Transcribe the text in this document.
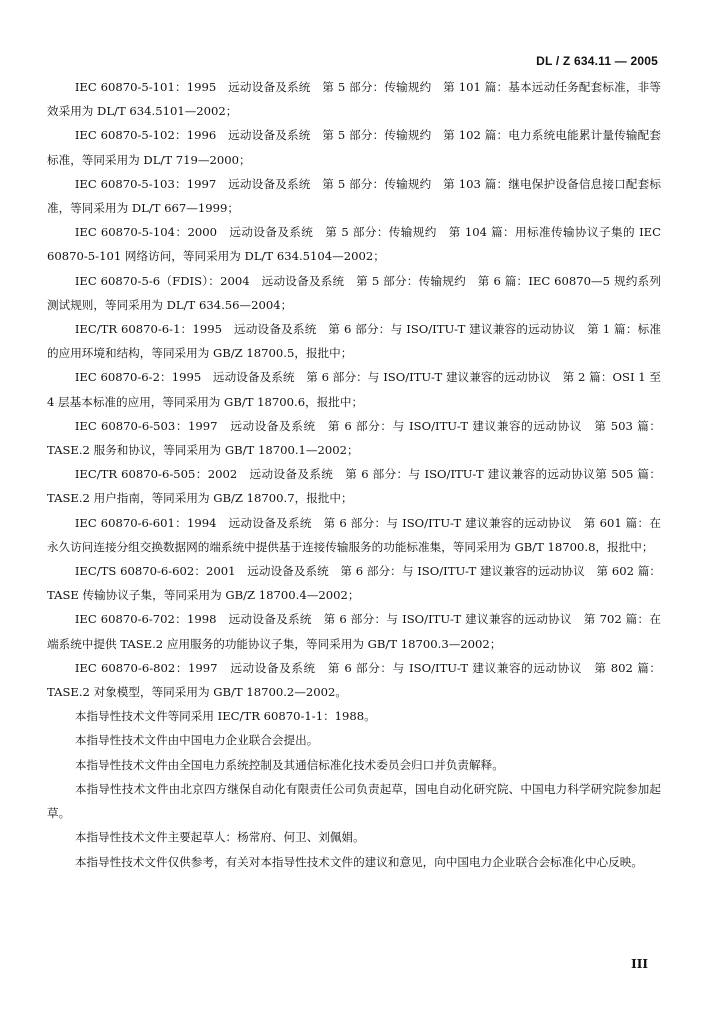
DL / Z 634.11 — 2005

IEC 60870-5-101：1995　远动设备及系统　第 5 部分：传输规约　第 101 篇：基本远动任务配套标准，非等效采用为 DL/T 634.5101—2002；

IEC 60870-5-102：1996　远动设备及系统　第 5 部分：传输规约　第 102 篇：电力系统电能累计量传输配套标准，等同采用为 DL/T 719—2000；

IEC 60870-5-103：1997　远动设备及系统　第 5 部分：传输规约　第 103 篇：继电保护设备信息接口配套标准，等同采用为 DL/T 667—1999；

IEC 60870-5-104：2000　远动设备及系统　第 5 部分：传输规约　第 104 篇：用标准传输协议子集的 IEC 60870-5-101 网络访问，等同采用为 DL/T 634.5104—2002；

IEC 60870-5-6（FDIS）：2004　远动设备及系统　第 5 部分：传输规约　第 6 篇：IEC 60870—5 规约系列测试规则，等同采用为 DL/T 634.56—2004；

IEC/TR 60870-6-1：1995　远动设备及系统　第 6 部分：与 ISO/ITU-T 建议兼容的远动协议　第 1 篇：标准的应用环境和结构，等同采用为 GB/Z 18700.5，报批中；

IEC 60870-6-2：1995　远动设备及系统　第 6 部分：与 ISO/ITU-T 建议兼容的远动协议　第 2 篇：OSI 1 至 4 层基本标准的应用，等同采用为 GB/T 18700.6，报批中；

IEC 60870-6-503：1997　远动设备及系统　第 6 部分：与 ISO/ITU-T 建议兼容的远动协议　第 503 篇：TASE.2 服务和协议，等同采用为 GB/T 18700.1—2002；

IEC/TR 60870-6-505：2002　远动设备及系统　第 6 部分：与 ISO/ITU-T 建议兼容的远动协议第 505 篇：TASE.2 用户指南，等同采用为 GB/Z 18700.7，报批中；

IEC 60870-6-601：1994　远动设备及系统　第 6 部分：与 ISO/ITU-T 建议兼容的远动协议　第 601 篇：在永久访问连接分组交换数据网的端系统中提供基于连接传输服务的功能标准集，等同采用为 GB/T 18700.8，报批中；

IEC/TS 60870-6-602：2001　远动设备及系统　第 6 部分：与 ISO/ITU-T 建议兼容的远动协议　第 602 篇：TASE 传输协议子集，等同采用为 GB/Z 18700.4—2002；

IEC 60870-6-702：1998　远动设备及系统　第 6 部分：与 ISO/ITU-T 建议兼容的远动协议　第 702 篇：在端系统中提供 TASE.2 应用服务的功能协议子集，等同采用为 GB/T 18700.3—2002；

IEC 60870-6-802：1997　远动设备及系统　第 6 部分：与 ISO/ITU-T 建议兼容的远动协议　第 802 篇：TASE.2 对象模型，等同采用为 GB/T 18700.2—2002。

本指导性技术文件等同采用 IEC/TR 60870-1-1：1988。

本指导性技术文件由中国电力企业联合会提出。

本指导性技术文件由全国电力系统控制及其通信标准化技术委员会归口并负责解释。

本指导性技术文件由北京四方继保自动化有限责任公司负责起草，国电自动化研究院、中国电力科学研究院参加起草。

本指导性技术文件主要起草人：杨常府、何卫、刘佩娟。

本指导性技术文件仅供参考，有关对本指导性技术文件的建议和意见，向中国电力企业联合会标准化中心反映。

III
